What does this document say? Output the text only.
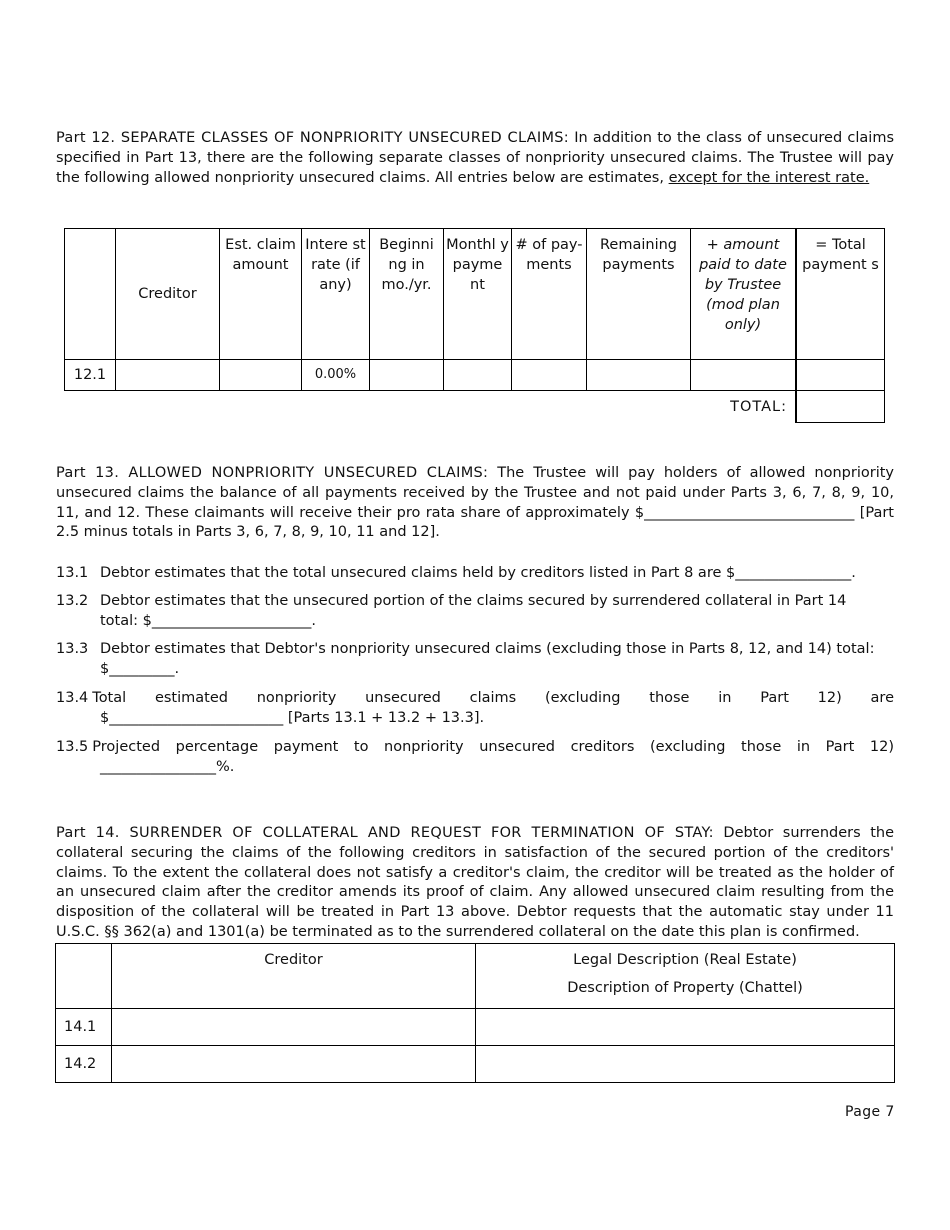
Part 12. SEPARATE CLASSES OF NONPRIORITY UNSECURED CLAIMS: In addition to the class of unsecured claims specified in Part 13, there are the following separate classes of nonpriority unsecured claims. The Trustee will pay the following allowed nonpriority unsecured claims. All entries below are estimates, except for the interest rate.
	Creditor	Est. claim amount	Intere st rate (if any)	Beginni ng in mo./yr.	Monthl y payme nt	# of pay- ments	Remaining payments	+ amount paid to date by Trustee (mod plan only)	= Total payment s
12.1			0.00%						
TOTAL:									
Part 13. ALLOWED NONPRIORITY UNSECURED CLAIMS: The Trustee will pay holders of allowed nonpriority unsecured claims the balance of all payments received by the Trustee and not paid under Parts 3, 6, 7, 8, 9, 10, 11, and 12. These claimants will receive their pro rata share of approximately $_____________________________ [Part 2.5 minus totals in Parts 3, 6, 7, 8, 9, 10, 11 and 12].
13.1 Debtor estimates that the total unsecured claims held by creditors listed in Part 8 are $________________.
13.2 Debtor estimates that the unsecured portion of the claims secured by surrendered collateral in Part 14
total: $______________________.
13.3 Debtor estimates that Debtor's nonpriority unsecured claims (excluding those in Parts 8, 12, and 14) total:
$_________.
13.4 Total estimated nonpriority unsecured claims (excluding those in Part 12) are
$________________________ [Parts 13.1 + 13.2 + 13.3].
13.5 Projected percentage payment to nonpriority unsecured creditors (excluding those in Part 12)
________________%.
Part 14. SURRENDER OF COLLATERAL AND REQUEST FOR TERMINATION OF STAY: Debtor surrenders the collateral securing the claims of the following creditors in satisfaction of the secured portion of the creditors' claims. To the extent the collateral does not satisfy a creditor's claim, the creditor will be treated as the holder of an unsecured claim after the creditor amends its proof of claim. Any allowed unsecured claim resulting from the disposition of the collateral will be treated in Part 13 above. Debtor requests that the automatic stay under 11 U.S.C. §§ 362(a) and 1301(a) be terminated as to the surrendered collateral on the date this plan is confirmed.
	Creditor	Legal Description (Real Estate)
Description of Property (Chattel)

14.1		
14.2		
Page 7
